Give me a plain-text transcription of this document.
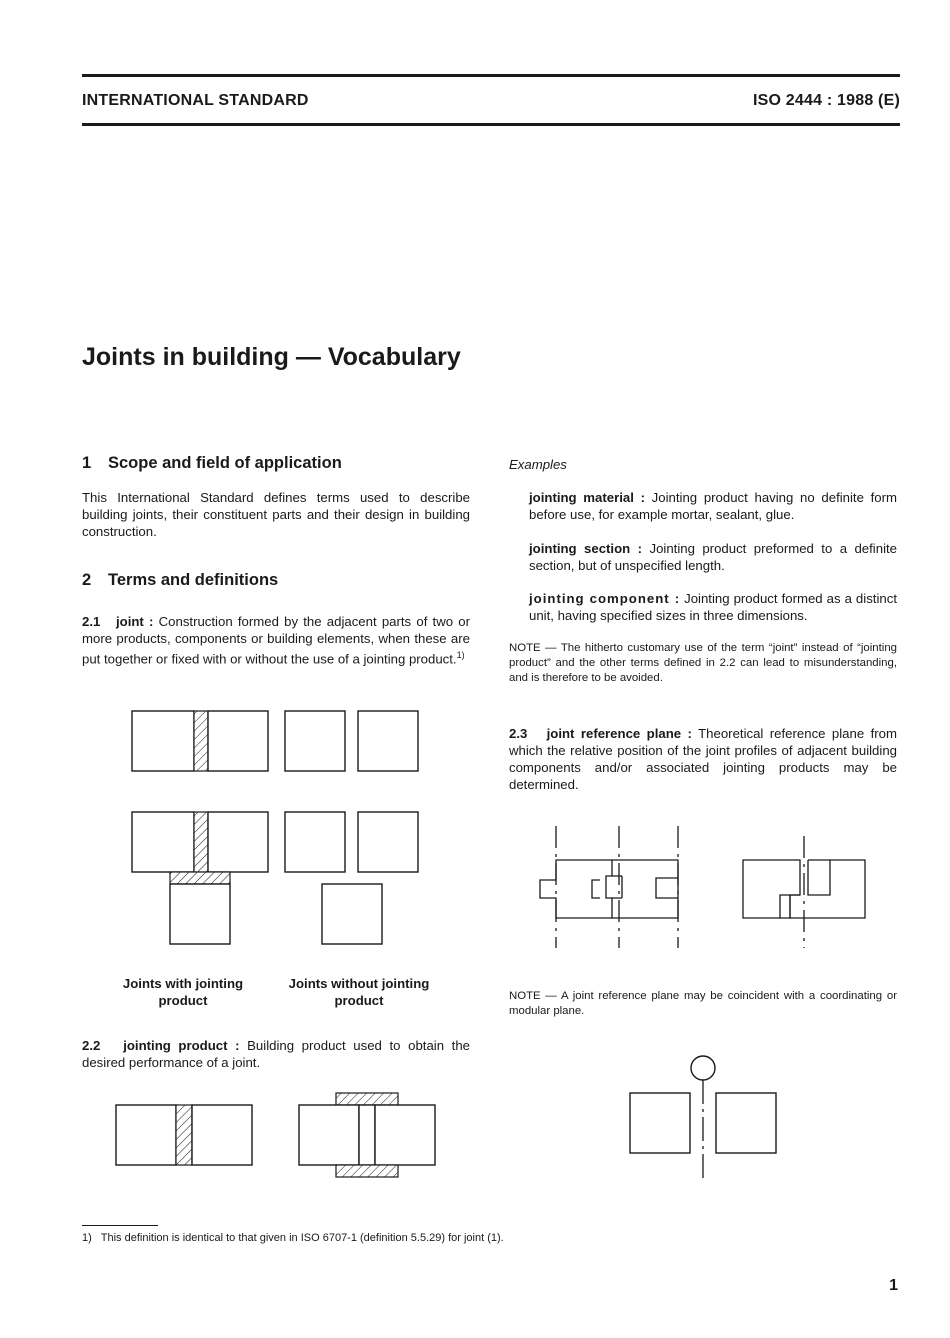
INTERNATIONAL STANDARD	ISO 2444 : 1988 (E)
Joints in building — Vocabulary
1 Scope and field of application
This International Standard defines terms used to describe building joints, their constituent parts and their design in building construction.
2 Terms and definitions
2.1 joint : Construction formed by the adjacent parts of two or more products, components or building elements, when these are put together or fixed with or without the use of a jointing product.$^{1)}$
Joints with jointing product
Joints without jointing product
2.2 jointing product : Building product used to obtain the desired performance of a joint.
Examples
jointing material : Jointing product having no definite form before use, for example mortar, sealant, glue.
jointing section : Jointing product preformed to a definite section, but of unspecified length.
jointing component : Jointing product formed as a distinct unit, having specified sizes in three dimensions.
NOTE — The hitherto customary use of the term “joint” instead of “jointing product” and the other terms defined in 2.2 can lead to misunderstanding, and is therefore to be avoided.
2.3 joint reference plane : Theoretical reference plane from which the relative position of the joint profiles of adjacent building components and/or associated jointing products may be determined.
NOTE — A joint reference plane may be coincident with a coordinating or modular plane.
1) This definition is identical to that given in ISO 6707-1 (definition 5.5.29) for joint (1).
1
